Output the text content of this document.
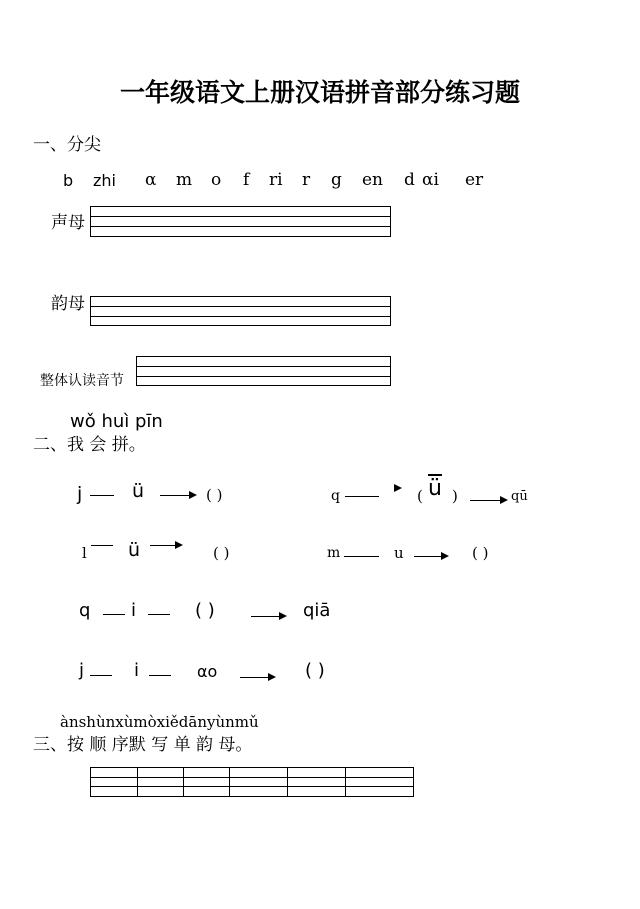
一年级语文上册汉语拼音部分练习题
一、分尖
b zhi α m o f ri r g en d αi er
声母
韵母
整体认读音节
wǒ huì pīn
二、我 会 拼。
j	ü	( )	q	( $\overline{ü}$ )	qū
l ü	( )	m	u	( )
q i	( )	qiā
j	i	αo	( )
ànshùnxùmòxiědānyùnmǔ
三、按 顺 序默 写 单 韵 母。
